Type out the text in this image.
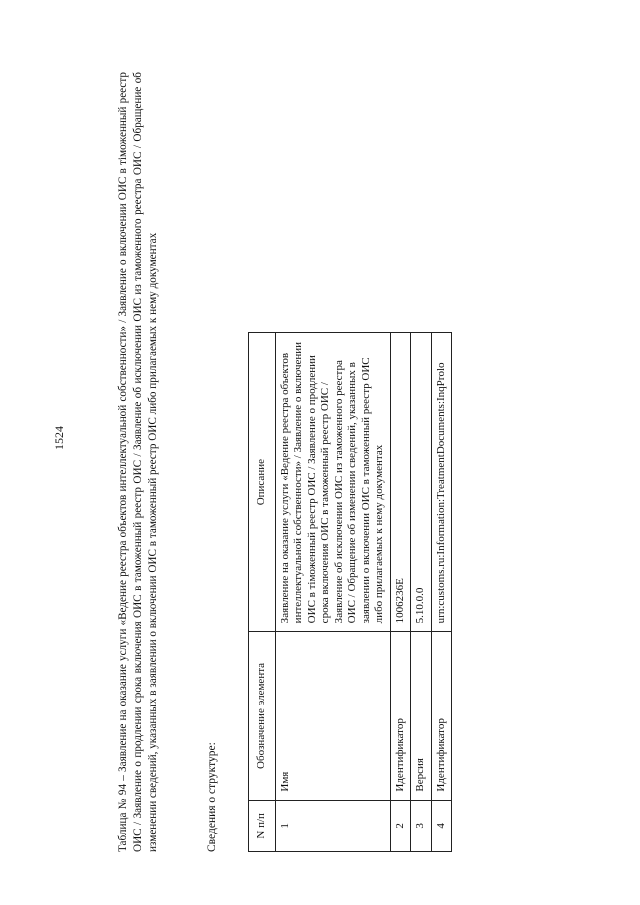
1524	Таблица № 94 – Заявление на оказание услуги «Ведение реестра объектов интеллектуальной собственности» / Заявление о включении ОИС в тіможенный реестр ОИС / Заявление о продлении срока включения ОИС в таможенный реестр ОИС / Заявление об исключении ОИС из таможенного реестра ОИС / Обращение об изменении сведений, указанных в заявлении о включении ОИС в таможенный реестр ОИС либо прилагаемых к нему документах	Сведения о структуре:	N п/п	Обозначение элемента	Описание
1	Имя	Заявление на оказание услуги «Ведение реестра объектов интеллектуальной собственности» / Заявление о включении ОИС в тіможенный реестр ОИС / Заявление о продлении срока включения ОИС в таможенный реестр ОИС / Заявление об исключении ОИС из таможенного реестра ОИС / Обращение об изменении сведений, указанных в заявлении о включении ОИС в таможенный реестр ОИС либо прилагаемых к нему документах
2	Идентификатор	1006236E
3	Версия	5.10.0.0
4	Идентификатор	urn:customs.ru:Information:TreatmentDocuments:InqProlo
